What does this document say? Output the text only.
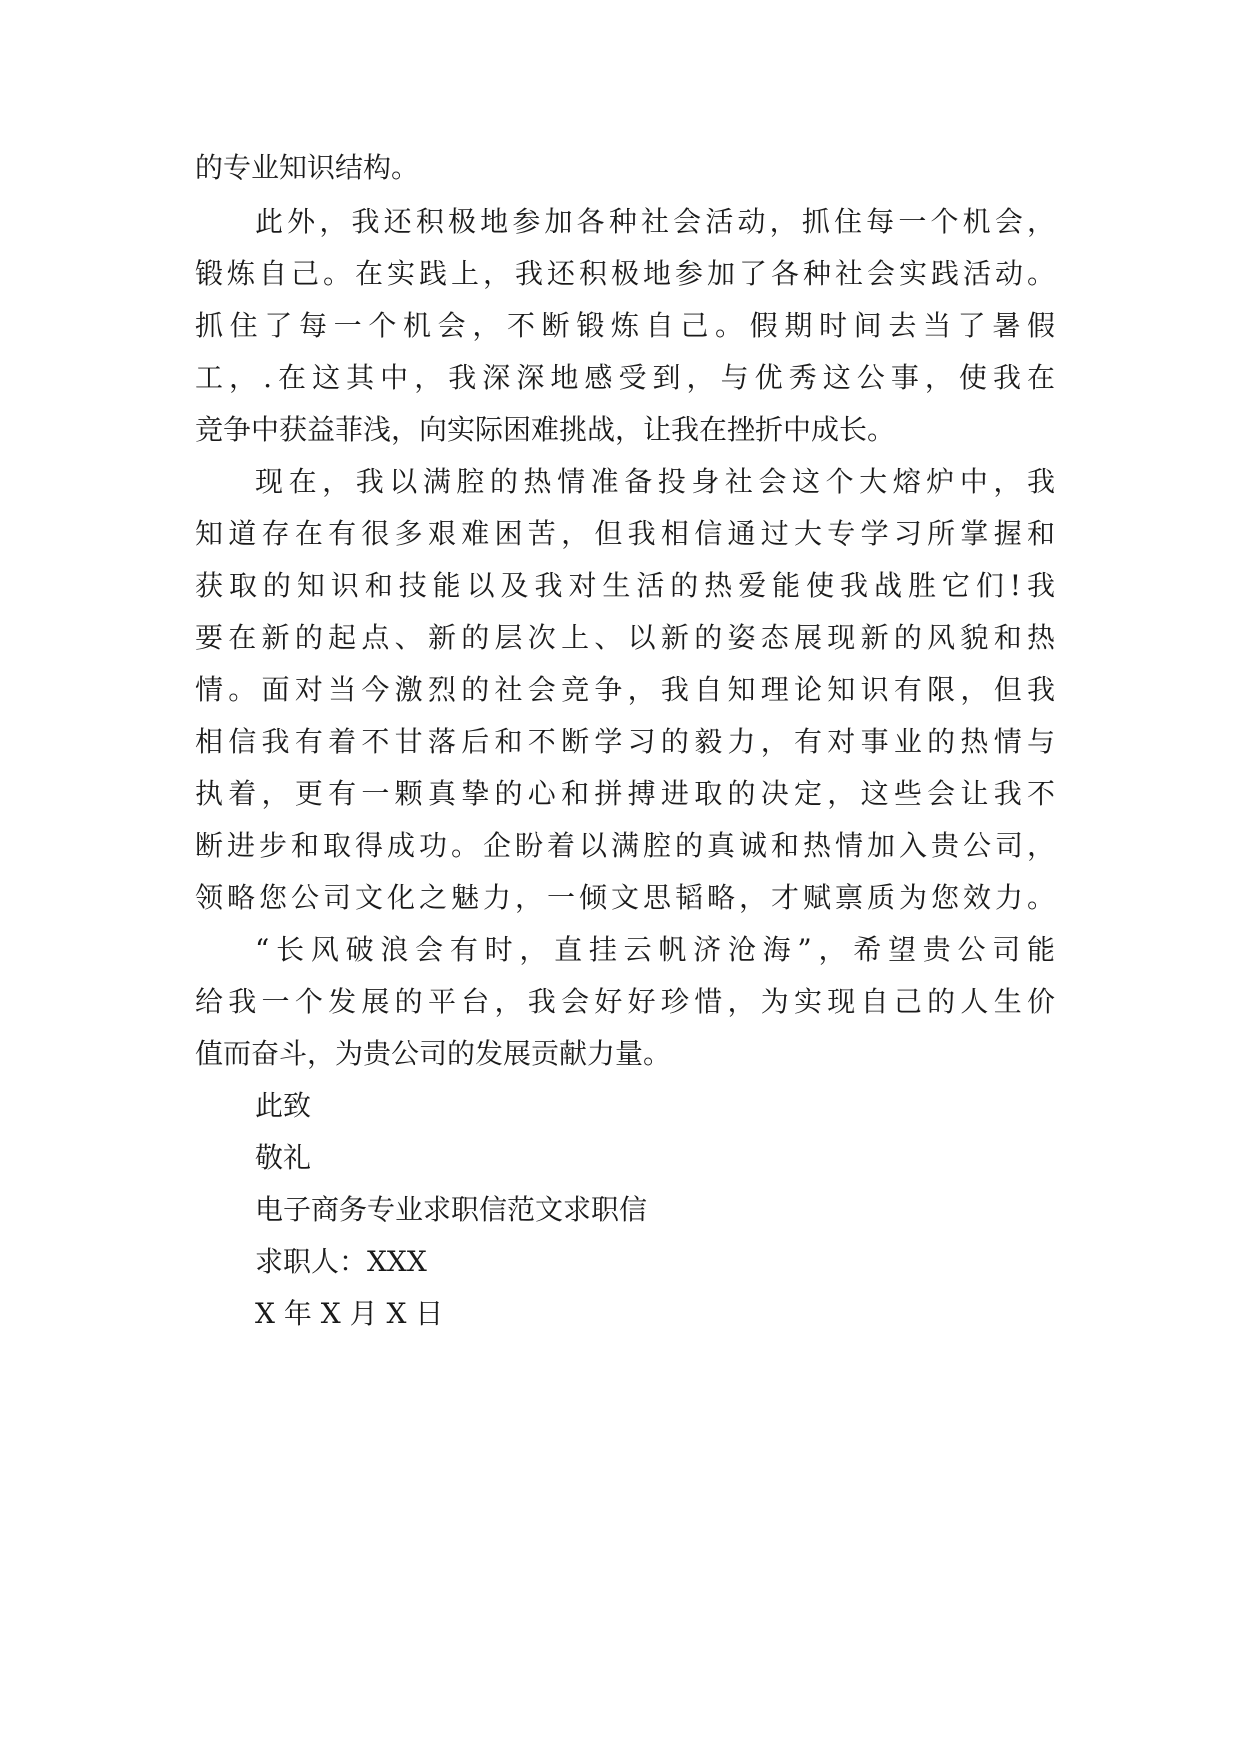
的专业知识结构。
此外，我还积极地参加各种社会活动，抓住每一个机会，
锻炼自己。在实践上，我还积极地参加了各种社会实践活动。
抓住了每一个机会，不断锻炼自己。假期时间去当了暑假
工，.在这其中，我深深地感受到，与优秀这公事，使我在
竞争中获益菲浅，向实际困难挑战，让我在挫折中成长。
现在，我以满腔的热情准备投身社会这个大熔炉中，我
知道存在有很多艰难困苦，但我相信通过大专学习所掌握和
获取的知识和技能以及我对生活的热爱能使我战胜它们!我
要在新的起点、新的层次上、以新的姿态展现新的风貌和热
情。面对当今激烈的社会竞争，我自知理论知识有限，但我
相信我有着不甘落后和不断学习的毅力，有对事业的热情与
执着，更有一颗真挚的心和拼搏进取的决定，这些会让我不
断进步和取得成功。企盼着以满腔的真诚和热情加入贵公司，
领略您公司文化之魅力，一倾文思韬略，才赋禀质为您效力。
“长风破浪会有时，直挂云帆济沧海”，希望贵公司能
给我一个发展的平台，我会好好珍惜，为实现自己的人生价
值而奋斗，为贵公司的发展贡献力量。
此致
敬礼
电子商务专业求职信范文求职信
求职人：XXX
X 年 X 月 X 日
